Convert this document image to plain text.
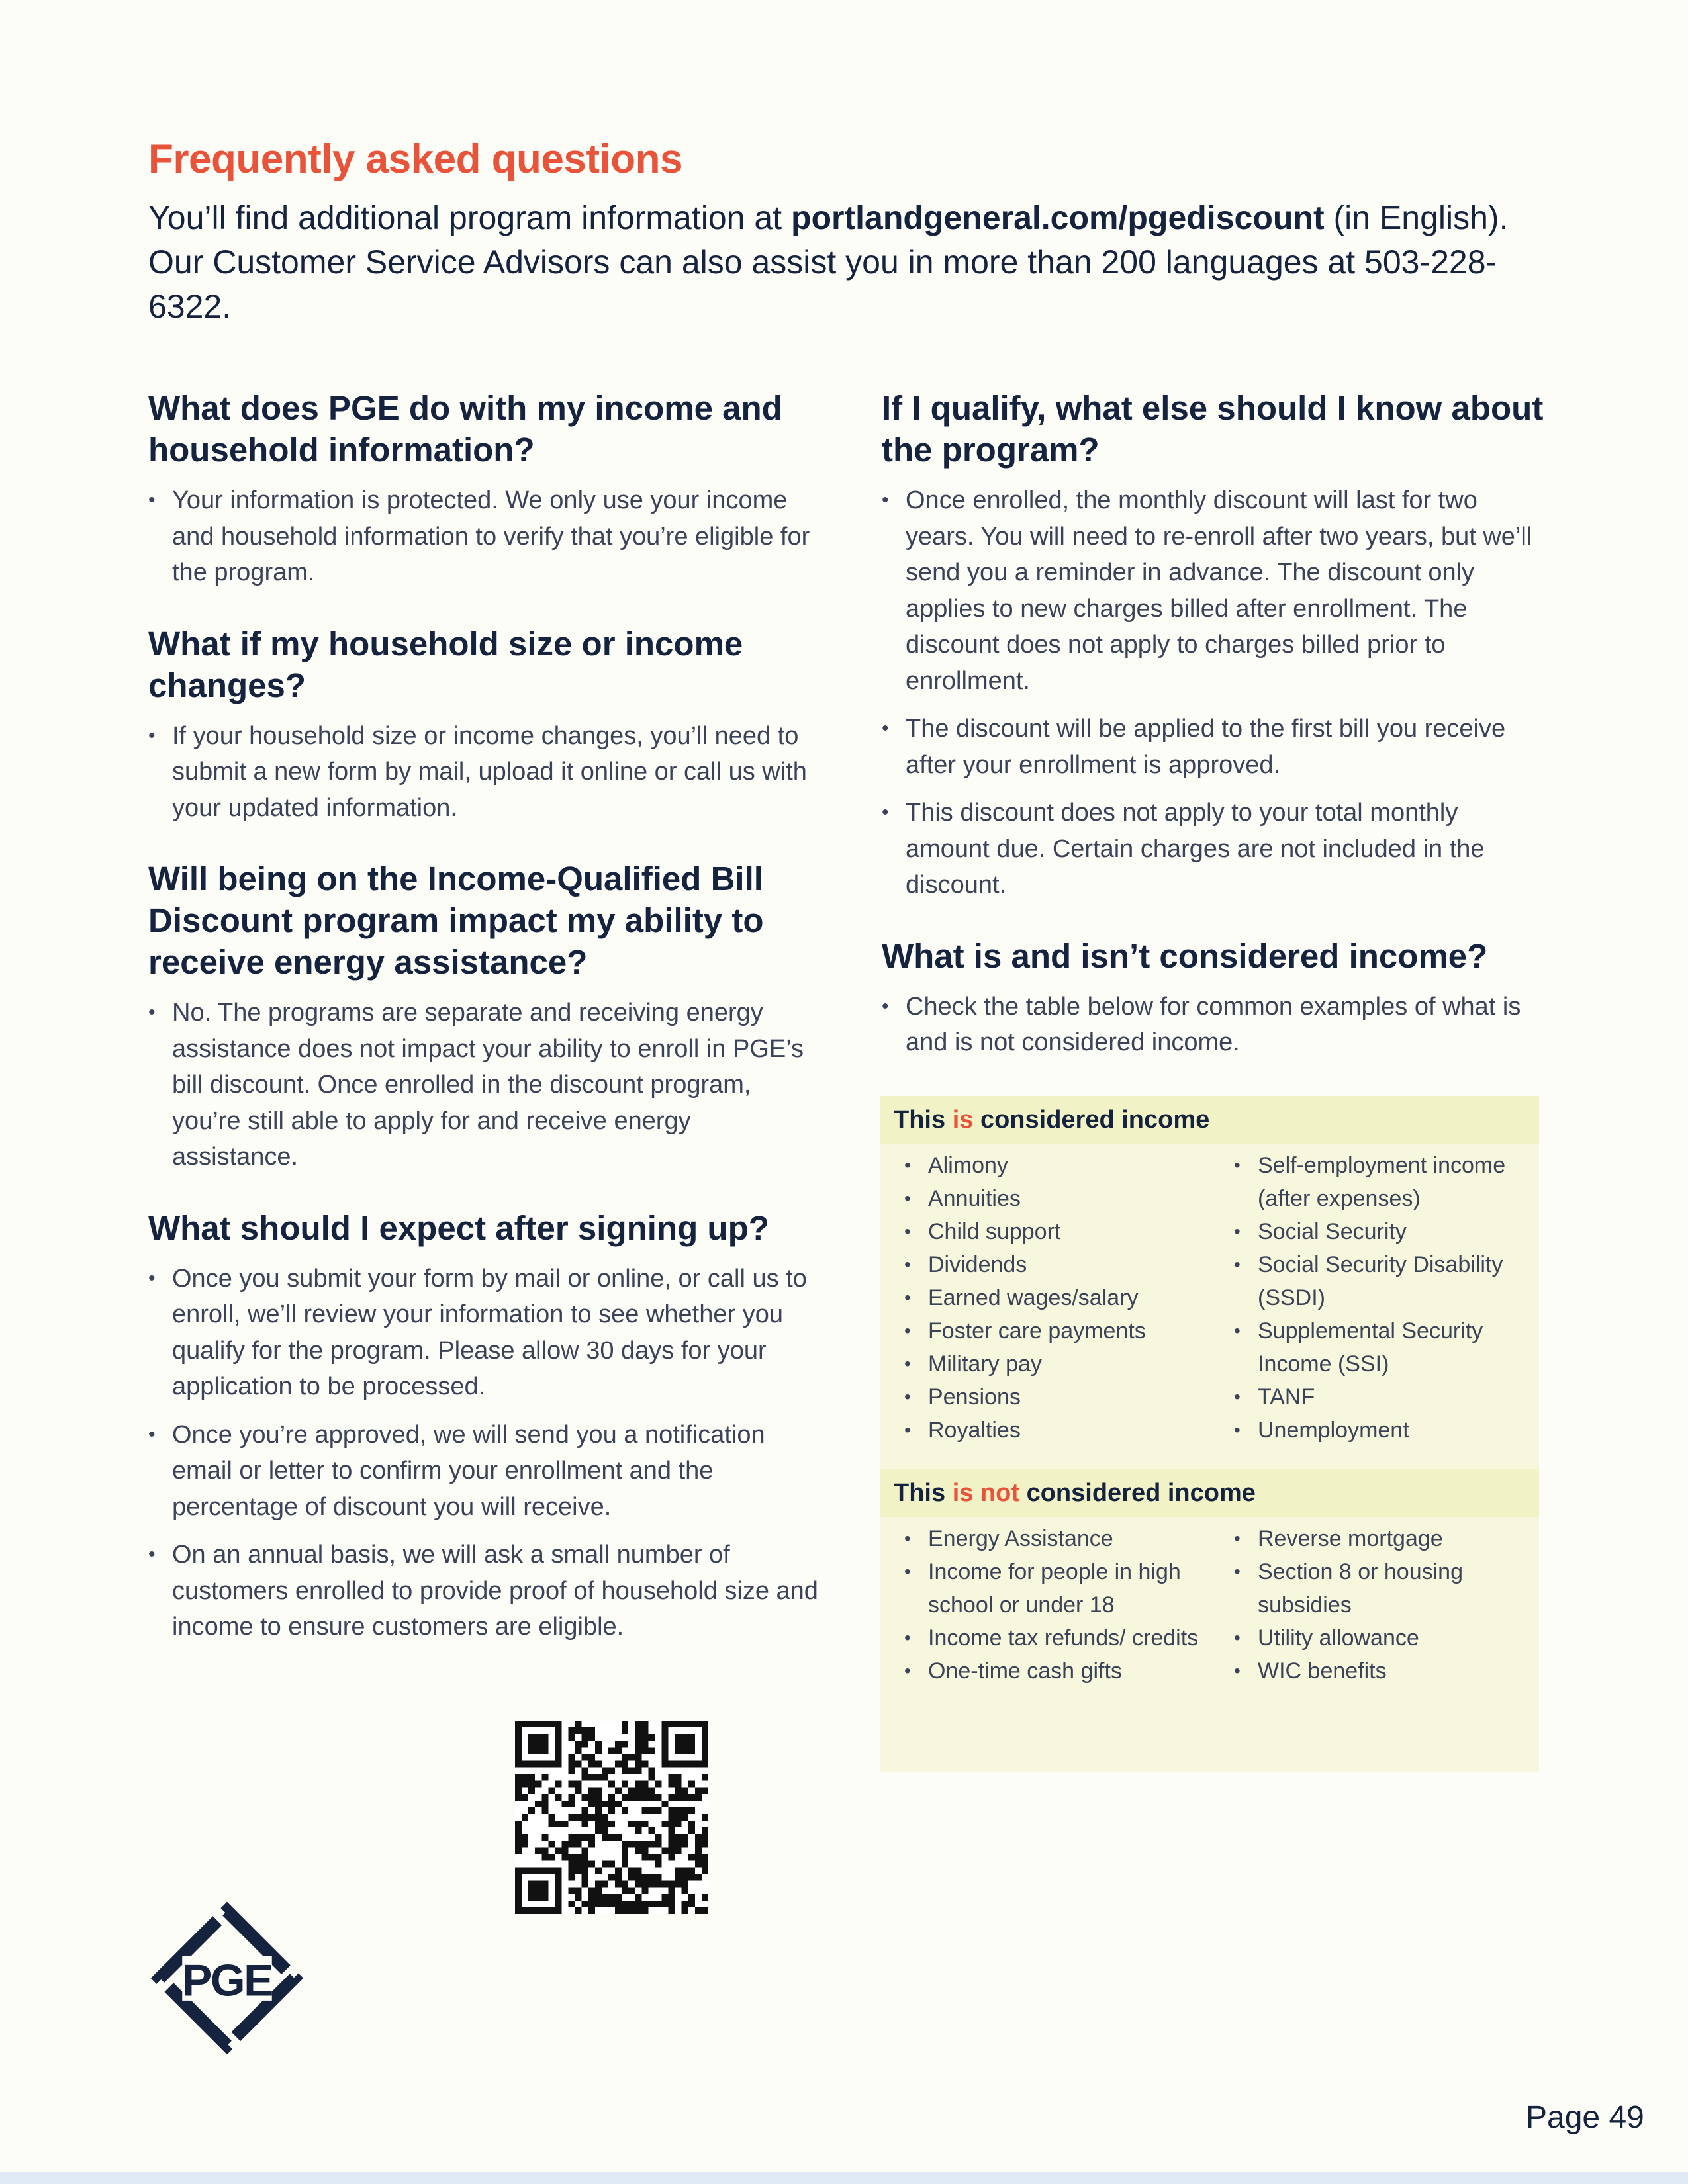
Frequently asked questions

You’ll find additional program information at portlandgeneral.com/pgediscount (in English). Our Customer Service Advisors can also assist you in more than 200 languages at 503-228-6322.

What does PGE do with my income and household information?
• Your information is protected. We only use your income and household information to verify that you’re eligible for the program.
What if my household size or income changes?
• If your household size or income changes, you’ll need to submit a new form by mail, upload it online or call us with your updated information.
Will being on the Income-Qualified Bill Discount program impact my ability to receive energy assistance?
• No. The programs are separate and receiving energy assistance does not impact your ability to enroll in PGE’s bill discount. Once enrolled in the discount program, you’re still able to apply for and receive energy assistance.
What should I expect after signing up?
• Once you submit your form by mail or online, or call us to enroll, we’ll review your information to see whether you qualify for the program. Please allow 30 days for your application to be processed.
• Once you’re approved, we will send you a notification email or letter to confirm your enrollment and the percentage of discount you will receive.
• On an annual basis, we will ask a small number of customers enrolled to provide proof of household size and income to ensure customers are eligible.
If I qualify, what else should I know about the program?
• Once enrolled, the monthly discount will last for two years. You will need to re-enroll after two years, but we’ll send you a reminder in advance. The discount only applies to new charges billed after enrollment. The discount does not apply to charges billed prior to enrollment.
• The discount will be applied to the first bill you receive after your enrollment is approved.
• This discount does not apply to your total monthly amount due. Certain charges are not included in the discount.
What is and isn’t considered income?
• Check the table below for common examples of what is and is not considered income.
This is considered income
• Alimony
• Annuities
• Child support
• Dividends
• Earned wages/salary
• Foster care payments
• Military pay
• Pensions
• Royalties
• Self-employment income (after expenses)
• Social Security
• Social Security Disability (SSDI)
• Supplemental Security Income (SSI)
• TANF
• Unemployment
This is not considered income
• Energy Assistance
• Income for people in high school or under 18
• Income tax refunds/ credits
• One-time cash gifts
• Reverse mortgage
• Section 8 or housing subsidies
• Utility allowance
• WIC benefits
PGE
Page 49
